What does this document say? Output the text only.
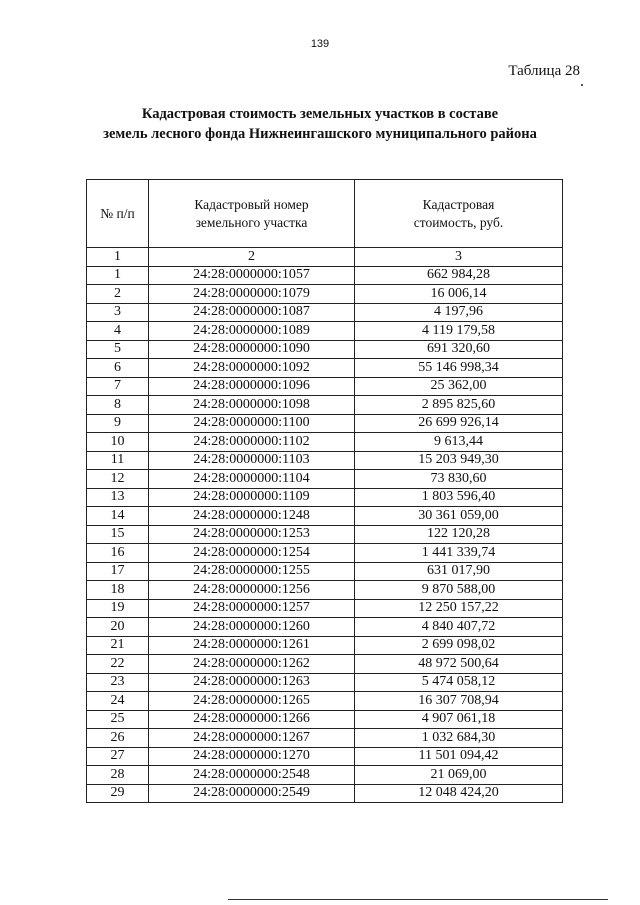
139
Таблица 28
Кадастровая стоимость земельных участков в составе
земель лесного фонда Нижнеингашского муниципального района
№ п/п	Кадастровый номер земельного участка	Кадастровая стоимость, руб.
1	2	3
1	24:28:0000000:1057	662 984,28
2	24:28:0000000:1079	16 006,14
3	24:28:0000000:1087	4 197,96
4	24:28:0000000:1089	4 119 179,58
5	24:28:0000000:1090	691 320,60
6	24:28:0000000:1092	55 146 998,34
7	24:28:0000000:1096	25 362,00
8	24:28:0000000:1098	2 895 825,60
9	24:28:0000000:1100	26 699 926,14
10	24:28:0000000:1102	9 613,44
11	24:28:0000000:1103	15 203 949,30
12	24:28:0000000:1104	73 830,60
13	24:28:0000000:1109	1 803 596,40
14	24:28:0000000:1248	30 361 059,00
15	24:28:0000000:1253	122 120,28
16	24:28:0000000:1254	1 441 339,74
17	24:28:0000000:1255	631 017,90
18	24:28:0000000:1256	9 870 588,00
19	24:28:0000000:1257	12 250 157,22
20	24:28:0000000:1260	4 840 407,72
21	24:28:0000000:1261	2 699 098,02
22	24:28:0000000:1262	48 972 500,64
23	24:28:0000000:1263	5 474 058,12
24	24:28:0000000:1265	16 307 708,94
25	24:28:0000000:1266	4 907 061,18
26	24:28:0000000:1267	1 032 684,30
27	24:28:0000000:1270	11 501 094,42
28	24:28:0000000:2548	21 069,00
29	24:28:0000000:2549	12 048 424,20
